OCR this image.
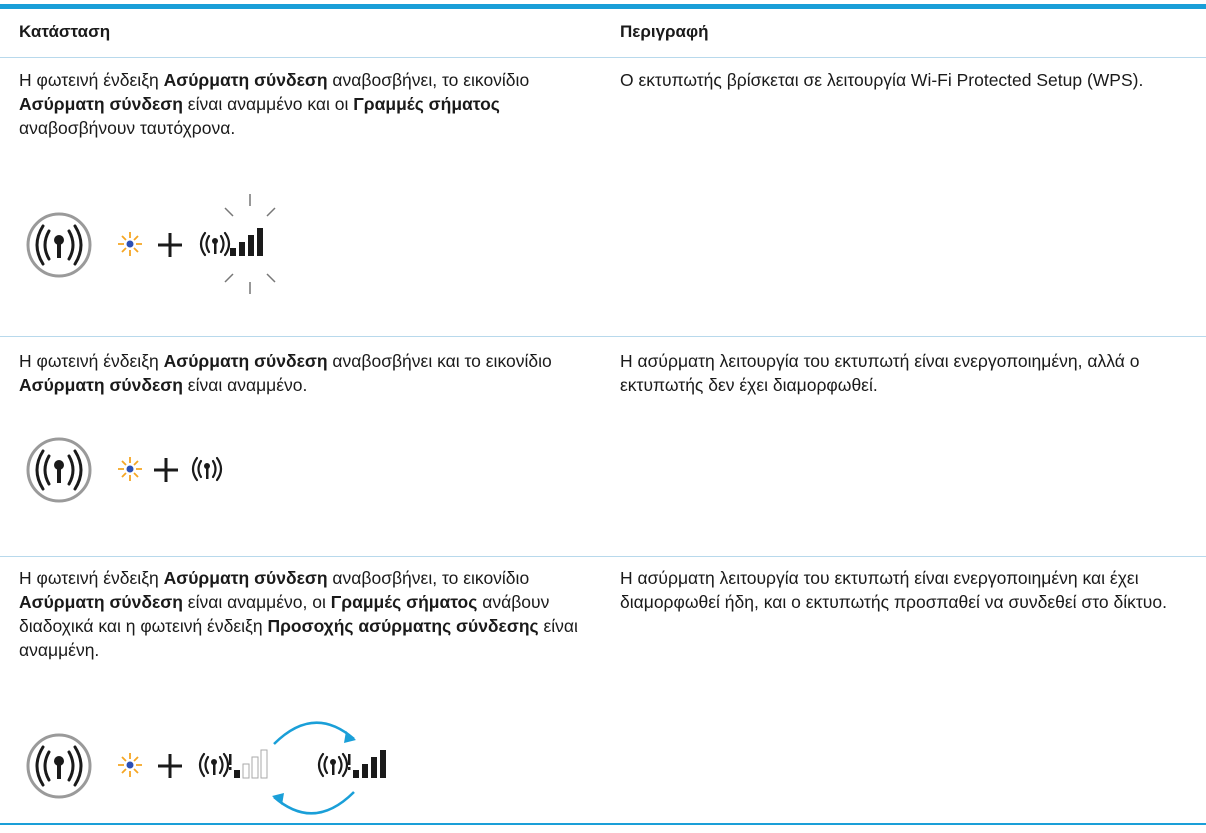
Κατάσταση	Περιγραφή
Η φωτεινή ένδειξη Ασύρματη σύνδεση αναβοσβήνει, το εικονίδιο Ασύρματη σύνδεση είναι αναμμένο και οι Γραμμές σήματος αναβοσβήνουν ταυτόχρονα.
Ο εκτυπωτής βρίσκεται σε λειτουργία Wi-Fi Protected Setup (WPS).
Η φωτεινή ένδειξη Ασύρματη σύνδεση αναβοσβήνει και το εικονίδιο Ασύρματη σύνδεση είναι αναμμένο.
Η ασύρματη λειτουργία του εκτυπωτή είναι ενεργοποιημένη, αλλά ο εκτυπωτής δεν έχει διαμορφωθεί.
Η φωτεινή ένδειξη Ασύρματη σύνδεση αναβοσβήνει, το εικονίδιο Ασύρματη σύνδεση είναι αναμμένο, οι Γραμμές σήματος ανάβουν διαδοχικά και η φωτεινή ένδειξη Προσοχής ασύρματης σύνδεσης είναι αναμμένη.
Η ασύρματη λειτουργία του εκτυπωτή είναι ενεργοποιημένη και έχει διαμορφωθεί ήδη, και ο εκτυπωτής προσπαθεί να συνδεθεί στο δίκτυο.
